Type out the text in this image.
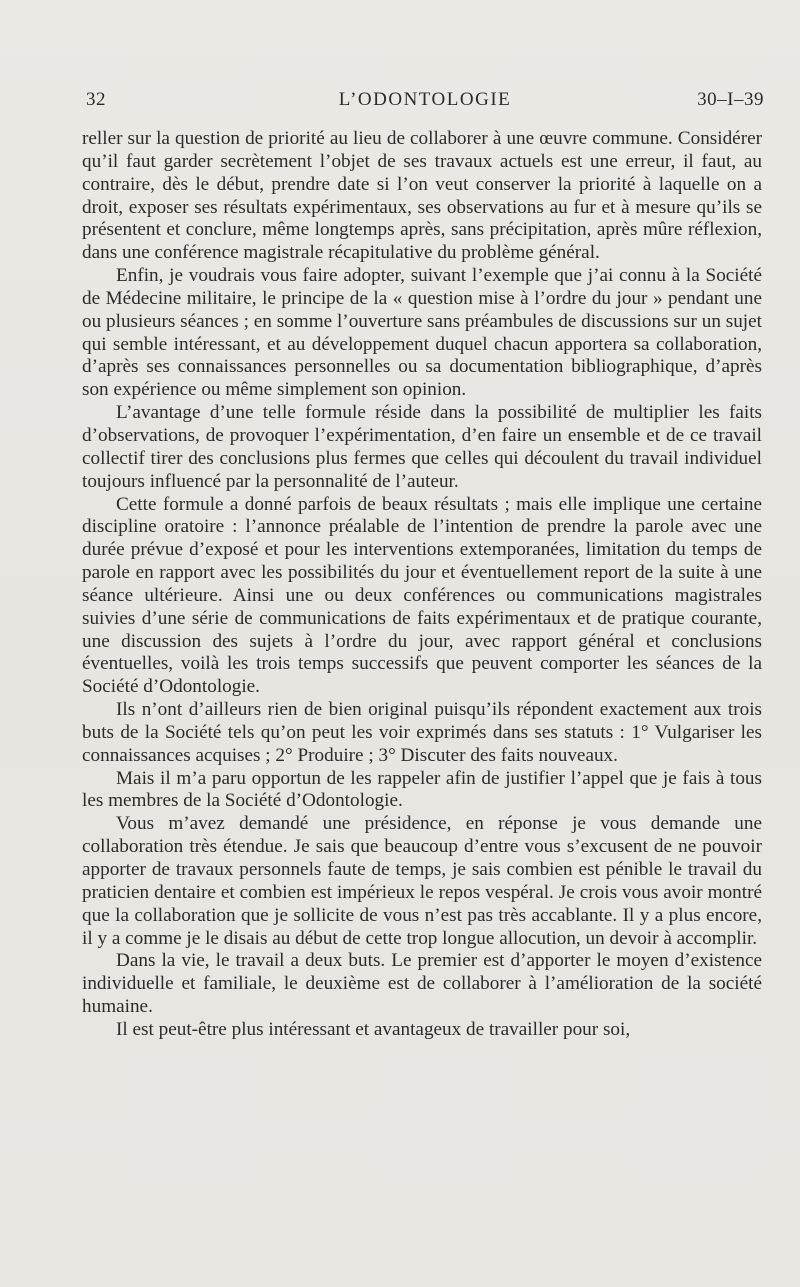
32	L’ODONTOLOGIE	30–I–39

reller sur la question de priorité au lieu de collaborer à une œuvre commune. Considérer qu’il faut garder secrètement l’objet de ses travaux actuels est une erreur, il faut, au contraire, dès le début, prendre date si l’on veut conserver la priorité à laquelle on a droit, exposer ses résultats expérimentaux, ses observations au fur et à mesure qu’ils se présentent et conclure, même longtemps après, sans précipitation, après mûre réflexion, dans une conférence magistrale récapitulative du problème général.

Enfin, je voudrais vous faire adopter, suivant l’exemple que j’ai connu à la Société de Médecine militaire, le principe de la « question mise à l’ordre du jour » pendant une ou plusieurs séances ; en somme l’ouverture sans préambules de discussions sur un sujet qui semble intéressant, et au développement duquel chacun apportera sa collaboration, d’après ses connaissances personnelles ou sa documentation bibliographique, d’après son expérience ou même simplement son opinion.

L’avantage d’une telle formule réside dans la possibilité de multiplier les faits d’observations, de provoquer l’expérimentation, d’en faire un ensemble et de ce travail collectif tirer des conclusions plus fermes que celles qui découlent du travail individuel toujours influencé par la personnalité de l’auteur.

Cette formule a donné parfois de beaux résultats ; mais elle implique une certaine discipline oratoire : l’annonce préalable de l’intention de prendre la parole avec une durée prévue d’exposé et pour les interventions extemporanées, limitation du temps de parole en rapport avec les possibilités du jour et éventuellement report de la suite à une séance ultérieure. Ainsi une ou deux conférences ou communications magistrales suivies d’une série de communications de faits expérimentaux et de pratique courante, une discussion des sujets à l’ordre du jour, avec rapport général et conclusions éventuelles, voilà les trois temps successifs que peuvent comporter les séances de la Société d’Odontologie.

Ils n’ont d’ailleurs rien de bien original puisqu’ils répondent exactement aux trois buts de la Société tels qu’on peut les voir exprimés dans ses statuts : 1° Vulgariser les connaissances acquises ; 2° Produire ; 3° Discuter des faits nouveaux.

Mais il m’a paru opportun de les rappeler afin de justifier l’appel que je fais à tous les membres de la Société d’Odontologie.

Vous m’avez demandé une présidence, en réponse je vous demande une collaboration très étendue. Je sais que beaucoup d’entre vous s’excusent de ne pouvoir apporter de travaux personnels faute de temps, je sais combien est pénible le travail du praticien dentaire et combien est impérieux le repos vespéral. Je crois vous avoir montré que la collaboration que je sollicite de vous n’est pas très accablante. Il y a plus encore, il y a comme je le disais au début de cette trop longue allocution, un devoir à accomplir.

Dans la vie, le travail a deux buts. Le premier est d’apporter le moyen d’existence individuelle et familiale, le deuxième est de collaborer à l’amélioration de la société humaine.

Il est peut-être plus intéressant et avantageux de travailler pour soi,
